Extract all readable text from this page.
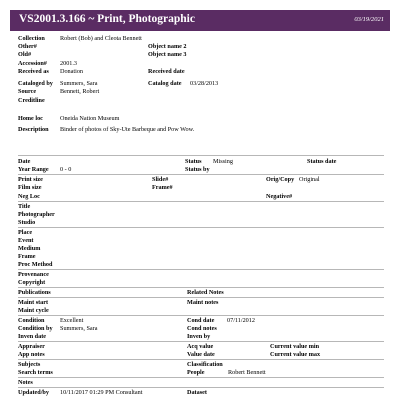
VS2001.3.166 ~ Print, Photographic	03/19/2021
Collection Robert (Bob) and Cleota Bennett
Other#	Object name 2
Old#	Object name 3
Accession# 2001.3
Received as Donation	Received date
Cataloged by Summers, Sara	Catalog date 03/28/2013
Source	Bennett, Robert
Creditline
Home loc	Oneida Nation Museum
Description Binder of photos of Sky-Ute Barbeque and Pow Wow.
Date	Status Missing	Status date
Year Range 0 - 0	Status by
Print size	Slide#	Orig/Copy Original
Film size	Frame#
Neg Loc	Negative#
Title
Photographer
Studio
Place
Event
Medium
Frame
Proc Method
Provenance
Copyright
Publications	Related Notes
Maint start	Maint notes
Maint cycle
Condition	Excellent	Cond date 07/11/2012
Condition by Summers, Sara	Cond notes
Inven date	Inven by
Appraiser	Acq value	Current value min
App notes	Value date	Current value max
Subjects	Classification
Search terms	People	Robert Bennett
Notes
Updated/by 10/11/2017 01:29 PM Consultant	Dataset
